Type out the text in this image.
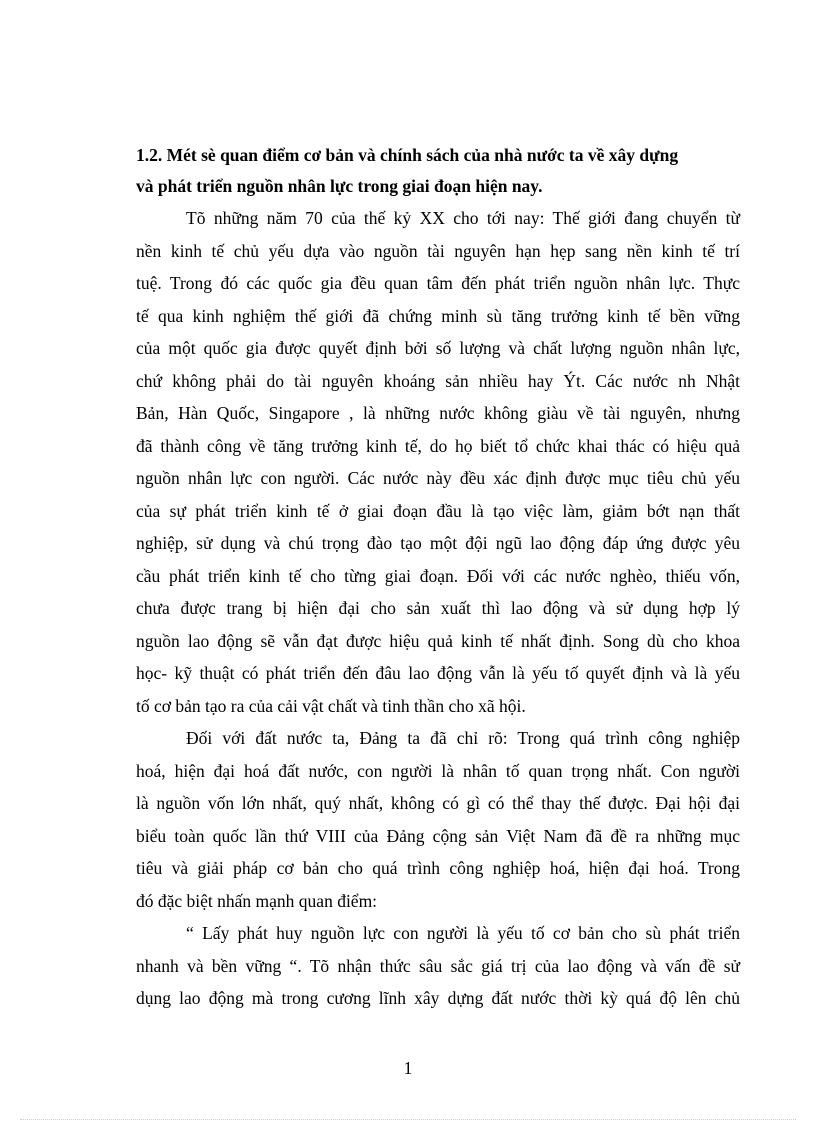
1.2. Mét sè quan điểm cơ bản và chính sách của nhà nước ta về xây dựng
và phát triển nguồn nhân lực trong giai đoạn hiện nay.
Tõ những năm 70 của thế kỷ XX cho tới nay: Thế giới đang chuyển từ
nền kinh tế chủ yếu dựa vào nguồn tài nguyên hạn hẹp sang nền kinh tế trí
tuệ. Trong đó các quốc gia đều quan tâm đến phát triển nguồn nhân lực. Thực
tế qua kinh nghiệm thế giới đã chứng minh sù tăng trưởng kinh tế bền vững
của một quốc gia được quyết định bởi số lượng và chất lượng nguồn nhân lực,
chứ không phải do tài nguyên khoáng sản nhiều hay Ýt. Các nước nh Nhật
Bản, Hàn Quốc, Singapore , là những nước không giàu về tài nguyên, nhưng
đã thành công về tăng trưởng kinh tế, do họ biết tổ chức khai thác có hiệu quả
nguồn nhân lực con người. Các nước này đều xác định được mục tiêu chủ yếu
của sự phát triển kinh tế ở giai đoạn đầu là tạo việc làm, giảm bớt nạn thất
nghiệp, sử dụng và chú trọng đào tạo một đội ngũ lao động đáp ứng được yêu
cầu phát triển kinh tế cho từng giai đoạn. Đối với các nước nghèo, thiếu vốn,
chưa được trang bị hiện đại cho sản xuất thì lao động và sử dụng hợp lý
nguồn lao động sẽ vẫn đạt được hiệu quả kinh tế nhất định. Song dù cho khoa
học- kỹ thuật có phát triển đến đâu lao động vẫn là yếu tố quyết định và là yếu
tố cơ bản tạo ra của cải vật chất và tinh thần cho xã hội.
Đối với đất nước ta, Đảng ta đã chỉ rõ: Trong quá trình công nghiệp
hoá, hiện đại hoá đất nước, con người là nhân tố quan trọng nhất. Con người
là nguồn vốn lớn nhất, quý nhất, không có gì có thể thay thế được. Đại hội đại
biểu toàn quốc lần thứ VIII của Đảng cộng sản Việt Nam đã đề ra những mục
tiêu và giải pháp cơ bản cho quá trình công nghiệp hoá, hiện đại hoá. Trong
đó đặc biệt nhấn mạnh quan điểm:
“ Lấy phát huy nguồn lực con người là yếu tố cơ bản cho sù phát triển
nhanh và bền vững “. Tõ nhận thức sâu sắc giá trị của lao động và vấn đề sử
dụng lao động mà trong cương lĩnh xây dựng đất nước thời kỳ quá độ lên chủ
1
